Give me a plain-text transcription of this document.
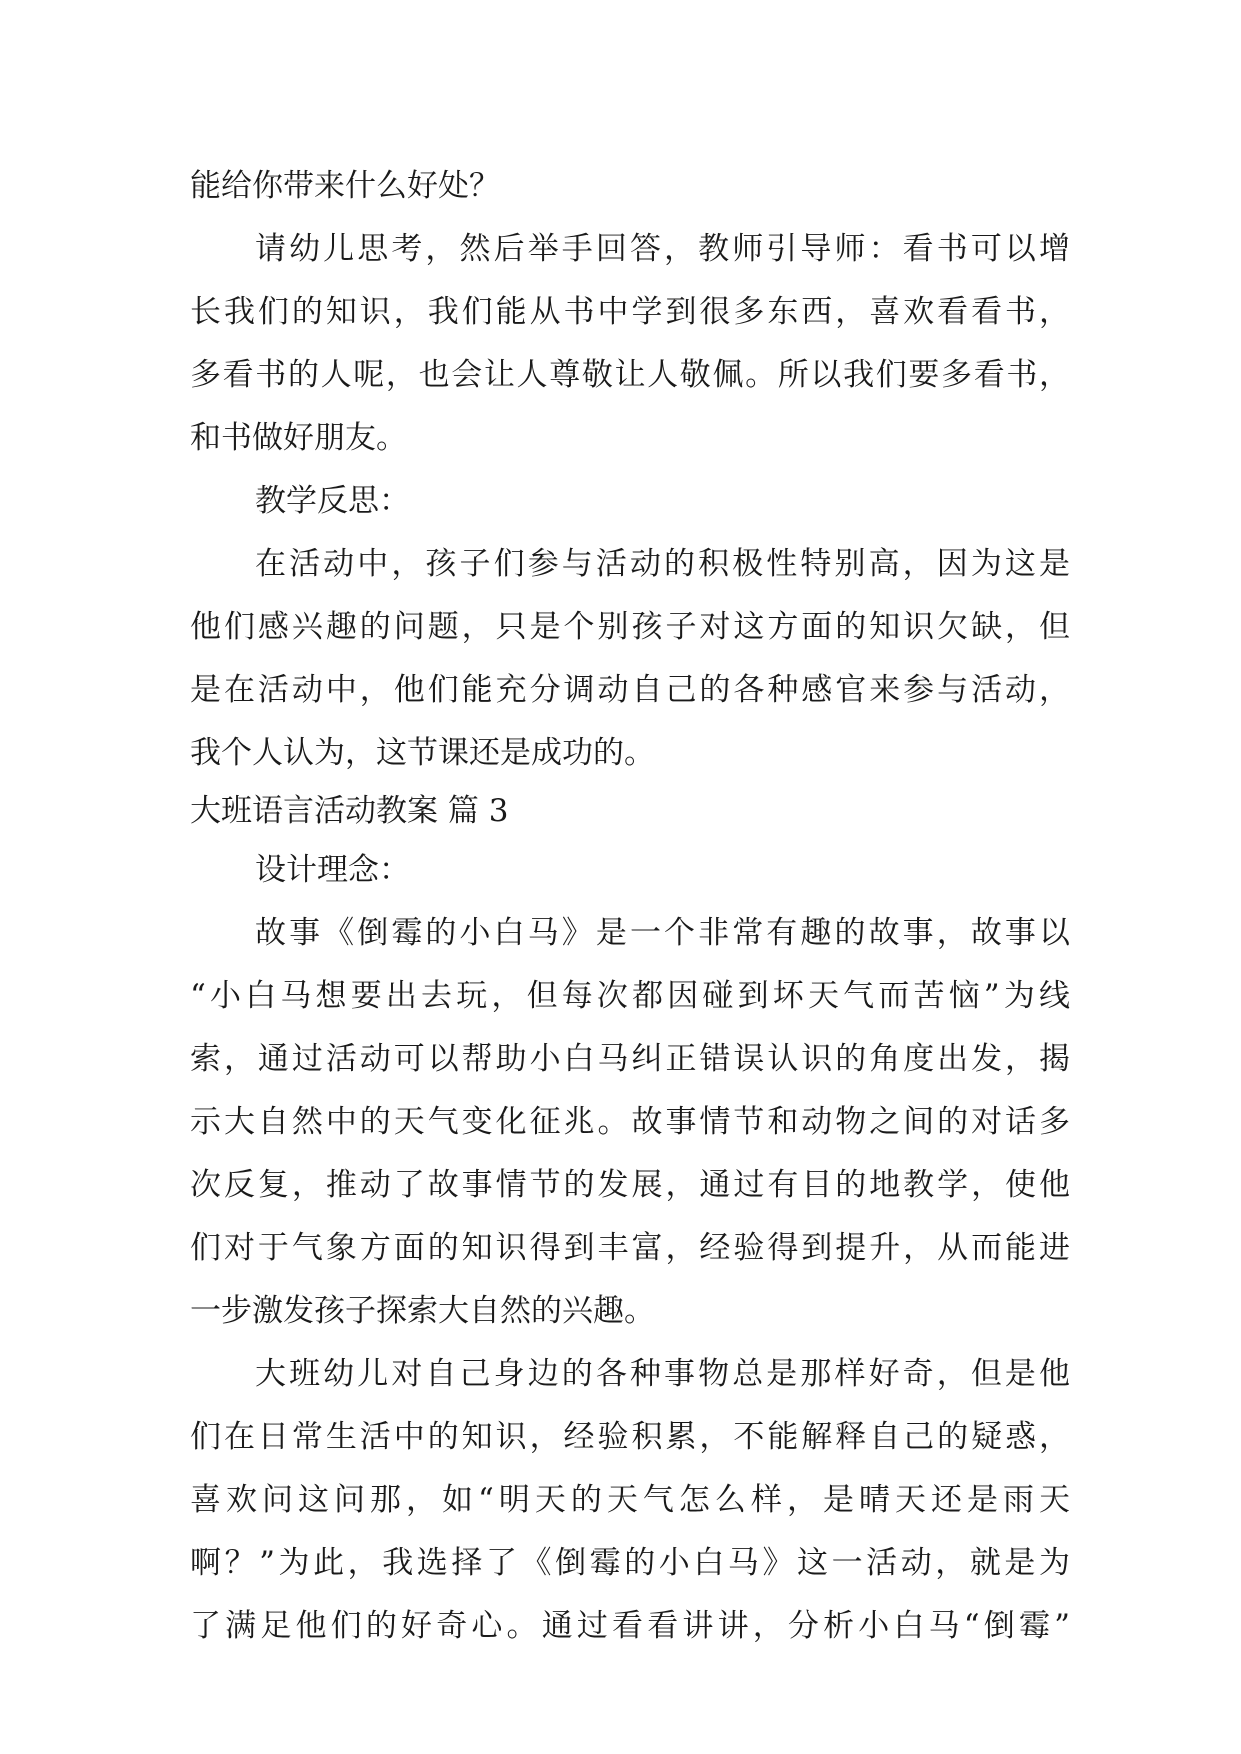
能给你带来什么好处？
请幼儿思考，然后举手回答，教师引导师：看书可以增
长我们的知识，我们能从书中学到很多东西，喜欢看看书，
多看书的人呢，也会让人尊敬让人敬佩。所以我们要多看书，
和书做好朋友。
教学反思：
在活动中，孩子们参与活动的积极性特别高，因为这是
他们感兴趣的问题，只是个别孩子对这方面的知识欠缺，但
是在活动中，他们能充分调动自己的各种感官来参与活动，
我个人认为，这节课还是成功的。
大班语言活动教案 篇 3
设计理念：
故事《倒霉的小白马》是一个非常有趣的故事，故事以
“小白马想要出去玩，但每次都因碰到坏天气而苦恼”为线
索，通过活动可以帮助小白马纠正错误认识的角度出发，揭
示大自然中的天气变化征兆。故事情节和动物之间的对话多
次反复，推动了故事情节的发展，通过有目的地教学，使他
们对于气象方面的知识得到丰富，经验得到提升，从而能进
一步激发孩子探索大自然的兴趣。
大班幼儿对自己身边的各种事物总是那样好奇，但是他
们在日常生活中的知识，经验积累，不能解释自己的疑惑，
喜欢问这问那，如“明天的天气怎么样，是晴天还是雨天
啊？”为此，我选择了《倒霉的小白马》这一活动，就是为
了满足他们的好奇心。通过看看讲讲，分析小白马“倒霉”
